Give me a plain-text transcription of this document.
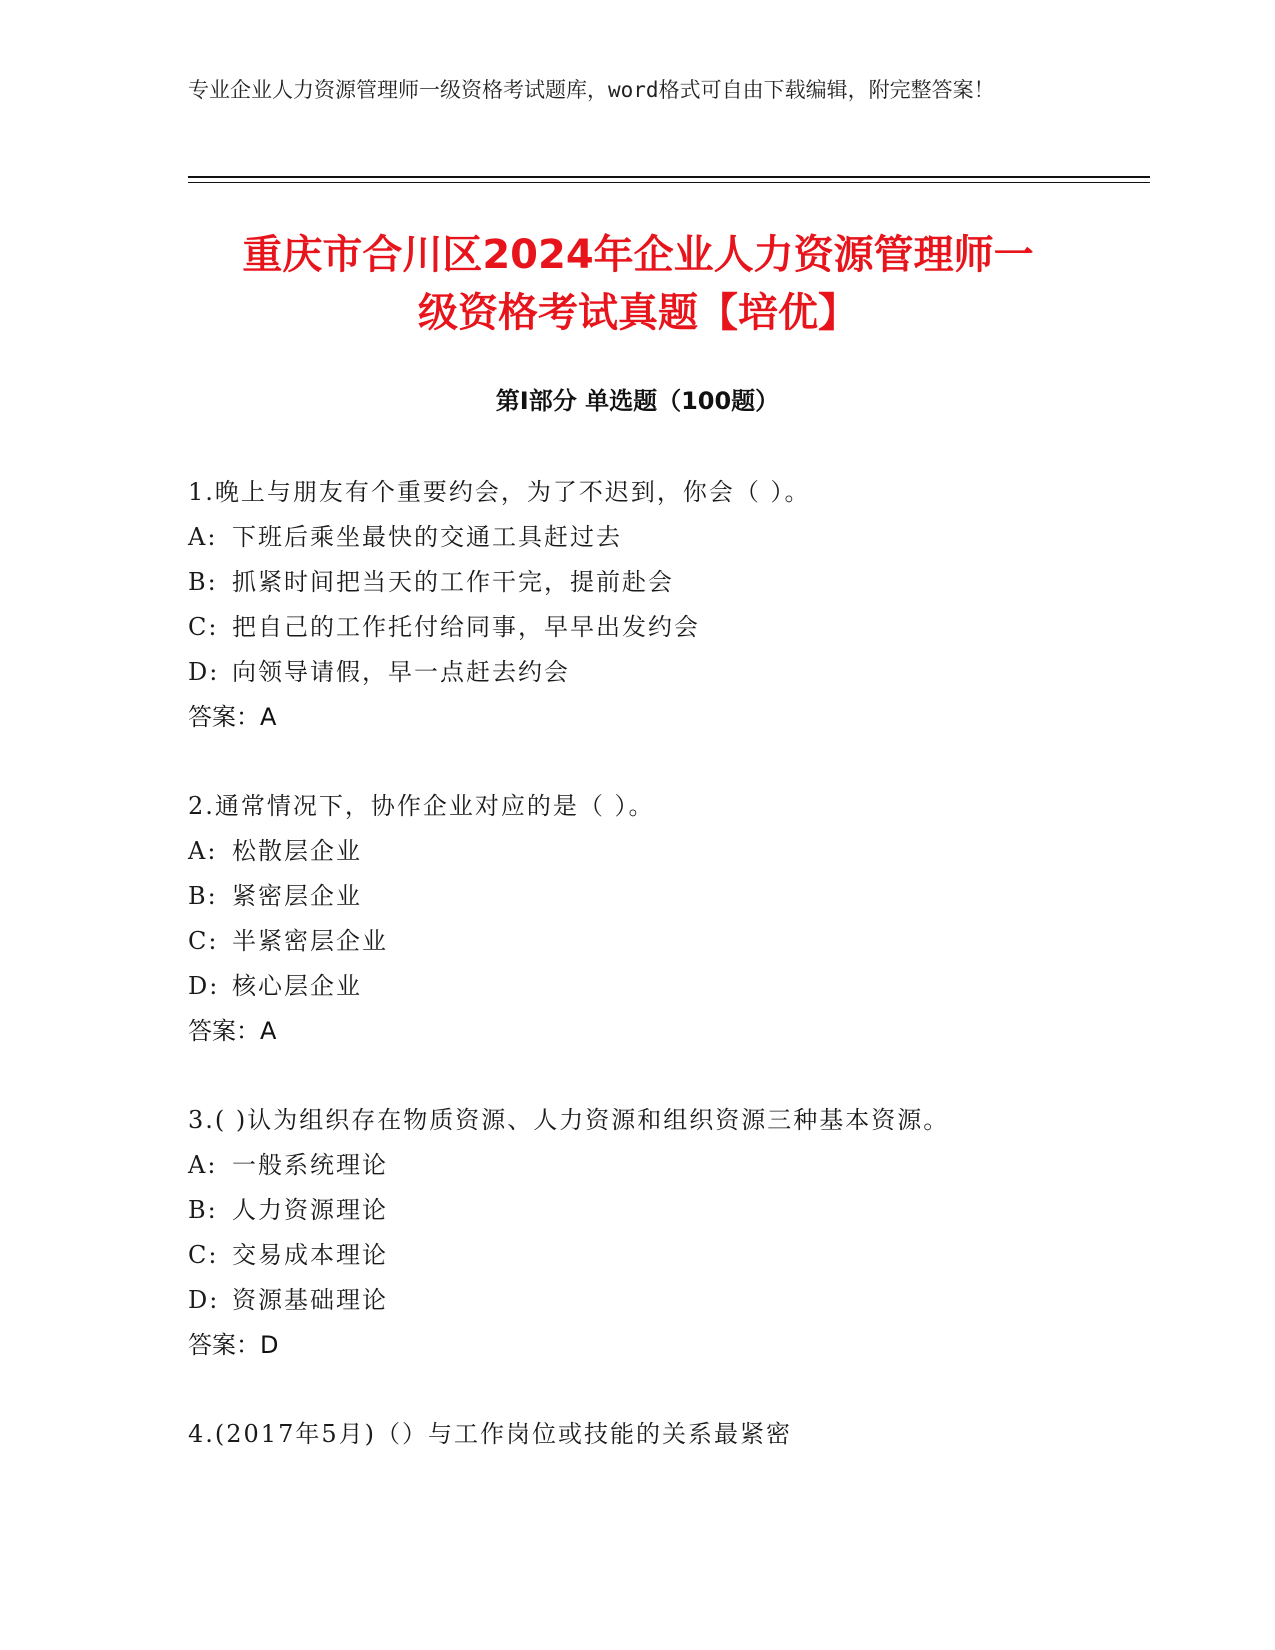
专业企业人力资源管理师一级资格考试题库，word格式可自由下载编辑，附完整答案！
重庆市合川区2024年企业人力资源管理师一
级资格考试真题【培优】
第I部分 单选题（100题）
1.晚上与朋友有个重要约会，为了不迟到，你会（ ）。
A: 下班后乘坐最快的交通工具赶过去
B: 抓紧时间把当天的工作干完，提前赴会
C: 把自己的工作托付给同事，早早出发约会
D: 向领导请假，早一点赶去约会
答案：A
2.通常情况下，协作企业对应的是（ ）。
A: 松散层企业
B: 紧密层企业
C: 半紧密层企业
D: 核心层企业
答案：A
3.( )认为组织存在物质资源、人力资源和组织资源三种基本资源。
A: 一般系统理论
B: 人力资源理论
C: 交易成本理论
D: 资源基础理论
答案：D
4.(2017年5月)（）与工作岗位或技能的关系最紧密
